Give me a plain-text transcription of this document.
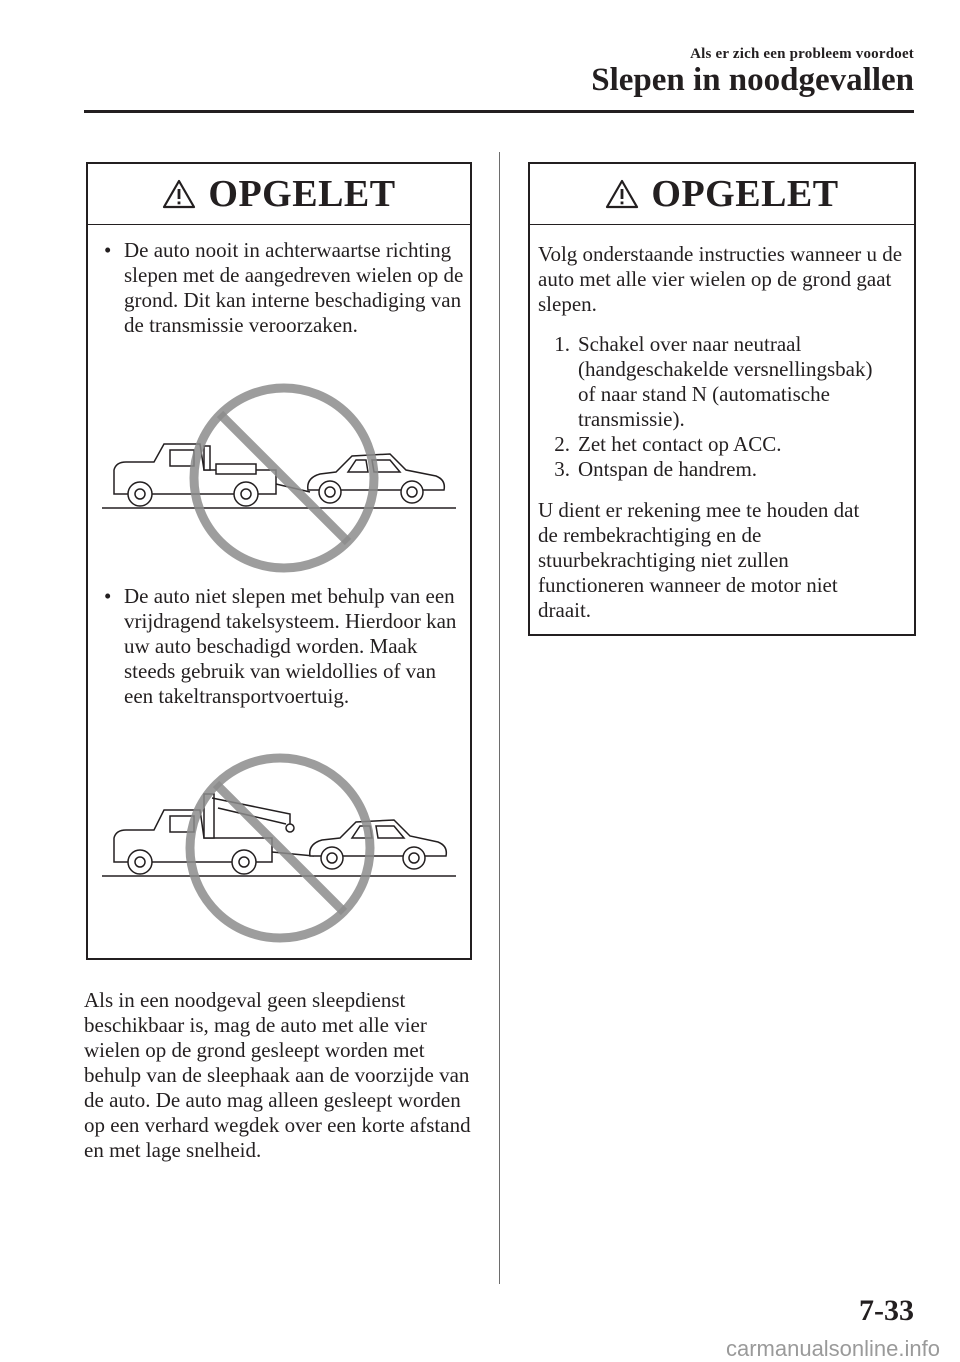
Als er zich een probleem voordoet
Slepen in noodgevallen
OPGELET
• De auto nooit in achterwaartse richting slepen met de aangedreven wielen op de grond. Dit kan interne beschadiging van de transmissie veroorzaken.
• De auto niet slepen met behulp van een vrijdragend takelsysteem. Hierdoor kan uw auto beschadigd worden. Maak steeds gebruik van wieldollies of van een takeltransportvoertuig.
Als in een noodgeval geen sleepdienst beschikbaar is, mag de auto met alle vier wielen op de grond gesleept worden met behulp van de sleephaak aan de voorzijde van de auto. De auto mag alleen gesleept worden op een verhard wegdek over een korte afstand en met lage snelheid.
OPGELET
Volg onderstaande instructies wanneer u de auto met alle vier wielen op de grond gaat slepen.
1. Schakel over naar neutraal (handgeschakelde versnellingsbak) of naar stand N (automatische transmissie).
2. Zet het contact op ACC.
3. Ontspan de handrem.
U dient er rekening mee te houden dat de rembekrachtiging en de stuurbekrachtiging niet zullen functioneren wanneer de motor niet draait.
7-33
carmanualsonline.info
